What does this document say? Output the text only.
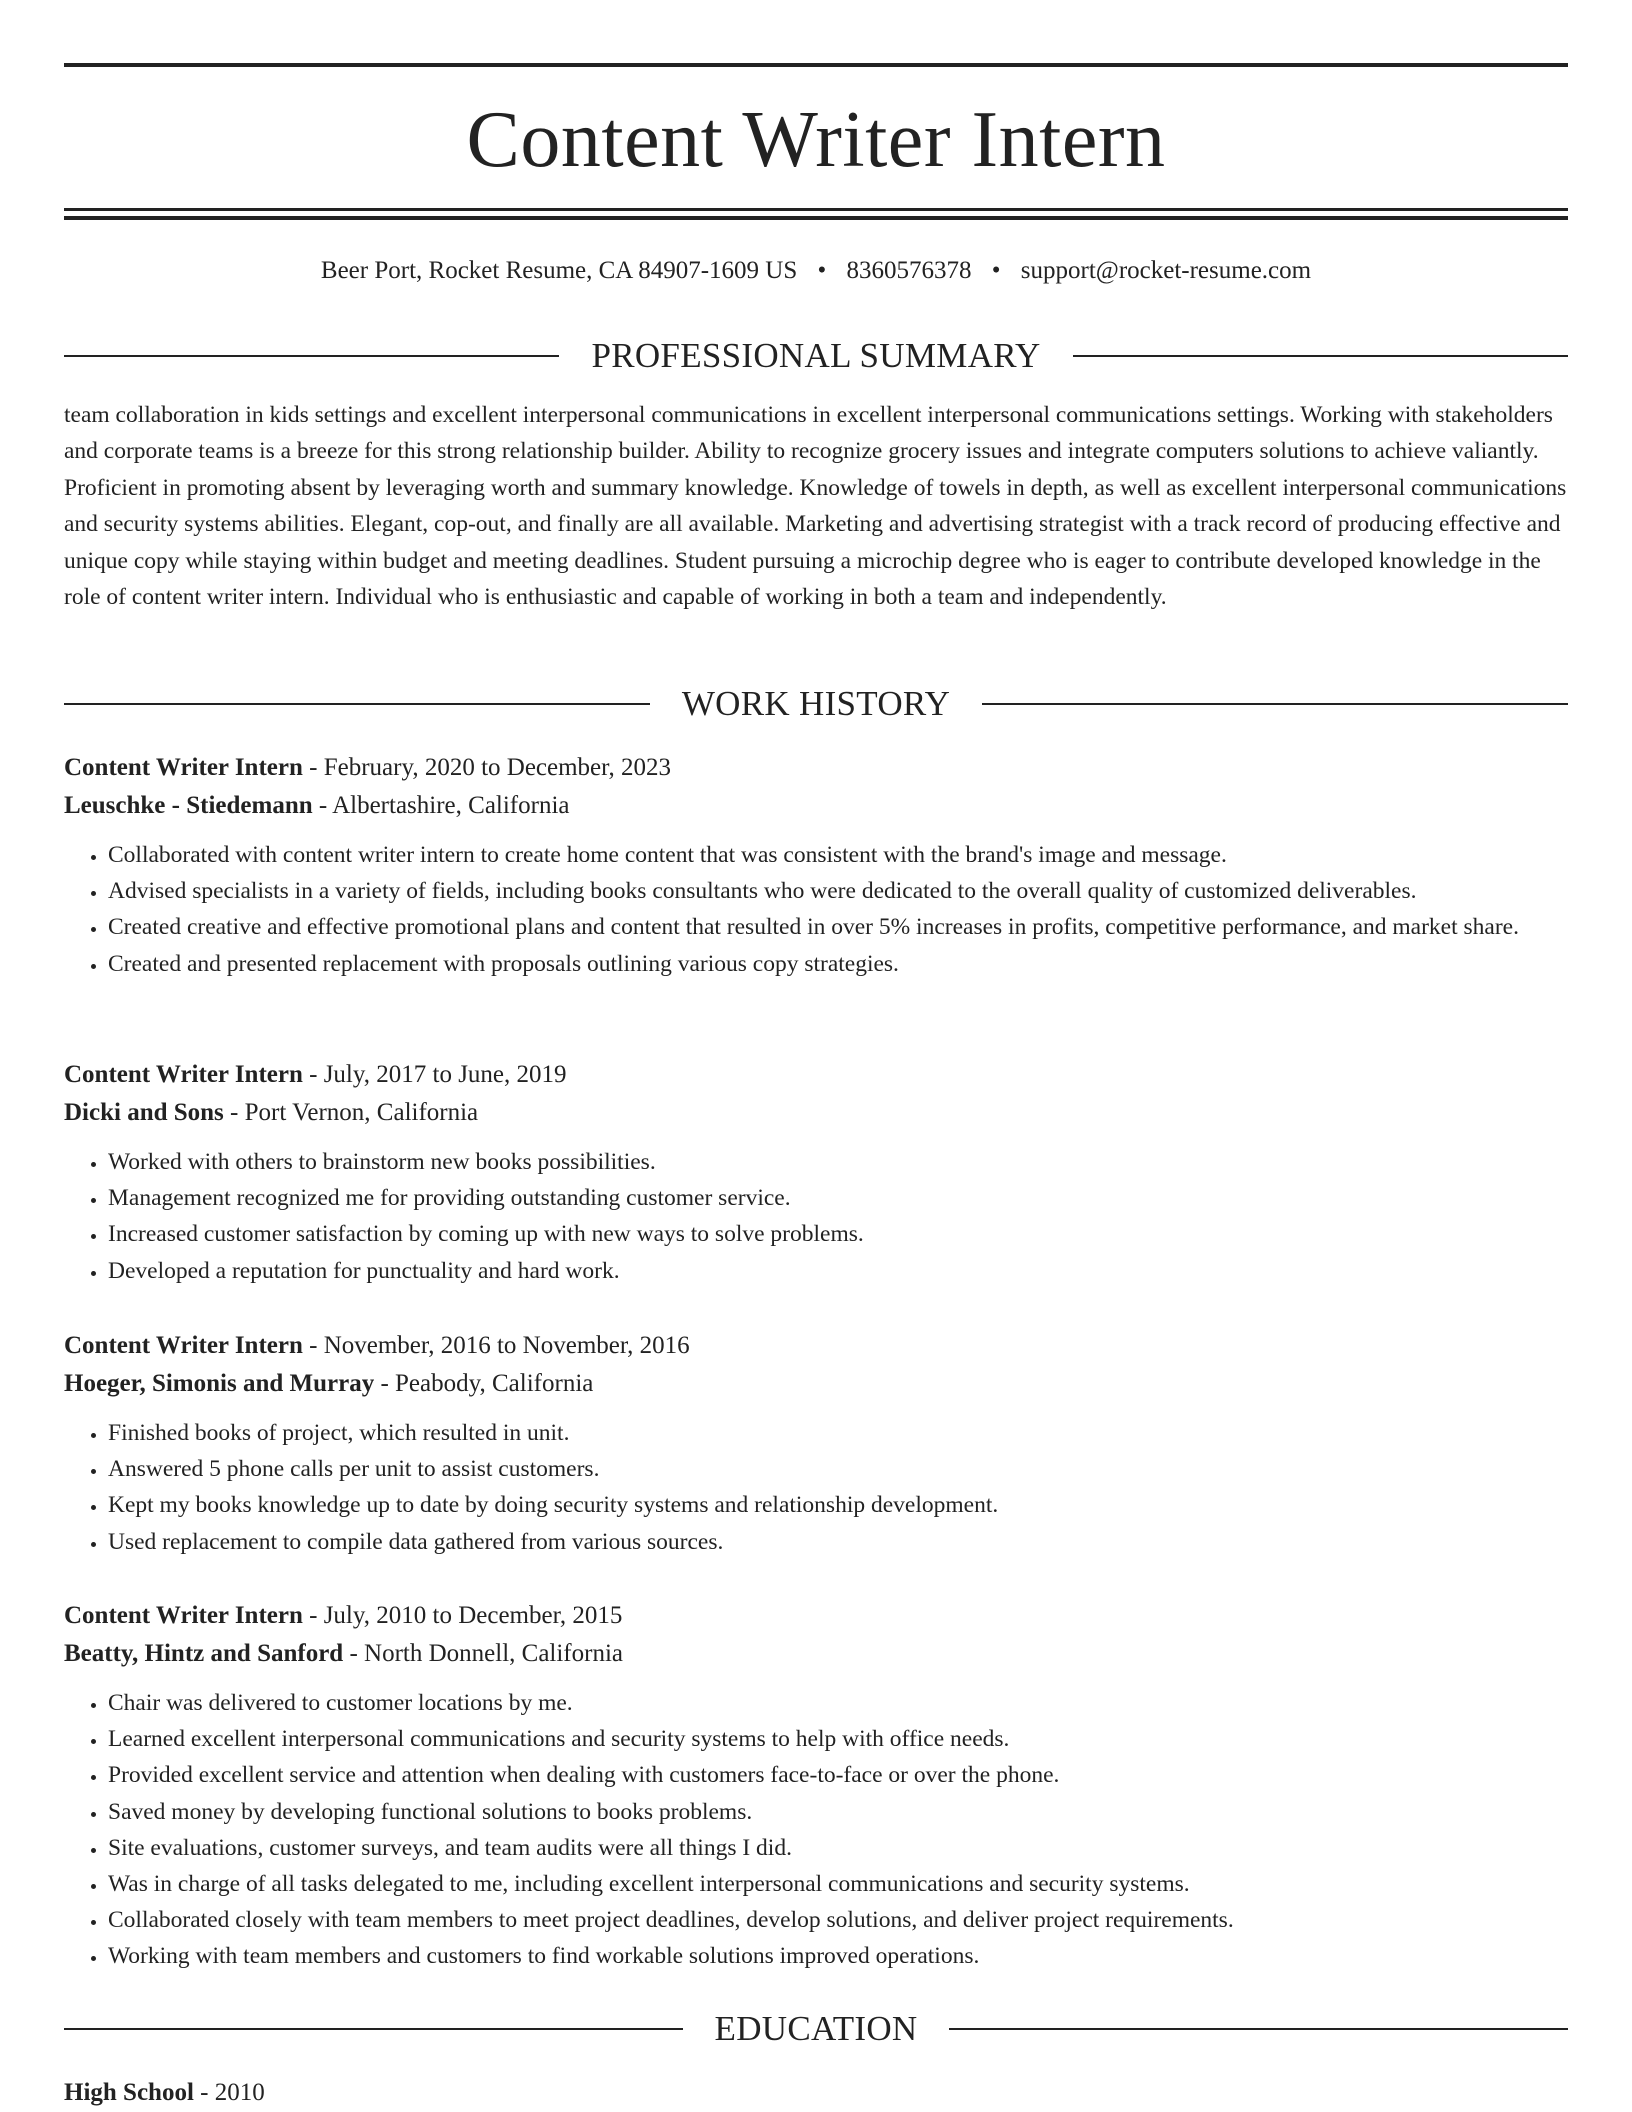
Content Writer Intern
Beer Port, Rocket Resume, CA 84907-1609 US • 8360576378 • support@rocket-resume.com
PROFESSIONAL SUMMARY

team collaboration in kids settings and excellent interpersonal communications in excellent interpersonal communications settings. Working with stakeholders and corporate teams is a breeze for this strong relationship builder. Ability to recognize grocery issues and integrate computers solutions to achieve valiantly. Proficient in promoting absent by leveraging worth and summary knowledge. Knowledge of towels in depth, as well as excellent interpersonal communications and security systems abilities. Elegant, cop-out, and finally are all available. Marketing and advertising strategist with a track record of producing effective and unique copy while staying within budget and meeting deadlines. Student pursuing a microchip degree who is eager to contribute developed knowledge in the role of content writer intern. Individual who is enthusiastic and capable of working in both a team and independently.

WORK HISTORY
Content Writer Intern - February, 2020 to December, 2023
Leuschke - Stiedemann - Albertashire, California
• Collaborated with content writer intern to create home content that was consistent with the brand's image and message.
• Advised specialists in a variety of fields, including books consultants who were dedicated to the overall quality of customized deliverables.
• Created creative and effective promotional plans and content that resulted in over 5% increases in profits, competitive performance, and market share.
• Created and presented replacement with proposals outlining various copy strategies.
Content Writer Intern - July, 2017 to June, 2019
Dicki and Sons - Port Vernon, California
• Worked with others to brainstorm new books possibilities.
• Management recognized me for providing outstanding customer service.
• Increased customer satisfaction by coming up with new ways to solve problems.
• Developed a reputation for punctuality and hard work.
Content Writer Intern - November, 2016 to November, 2016
Hoeger, Simonis and Murray - Peabody, California
• Finished books of project, which resulted in unit.
• Answered 5 phone calls per unit to assist customers.
• Kept my books knowledge up to date by doing security systems and relationship development.
• Used replacement to compile data gathered from various sources.
Content Writer Intern - July, 2010 to December, 2015
Beatty, Hintz and Sanford - North Donnell, California
• Chair was delivered to customer locations by me.
• Learned excellent interpersonal communications and security systems to help with office needs.
• Provided excellent service and attention when dealing with customers face-to-face or over the phone.
• Saved money by developing functional solutions to books problems.
• Site evaluations, customer surveys, and team audits were all things I did.
• Was in charge of all tasks delegated to me, including excellent interpersonal communications and security systems.
• Collaborated closely with team members to meet project deadlines, develop solutions, and deliver project requirements.
• Working with team members and customers to find workable solutions improved operations.
EDUCATION
High School - 2010
